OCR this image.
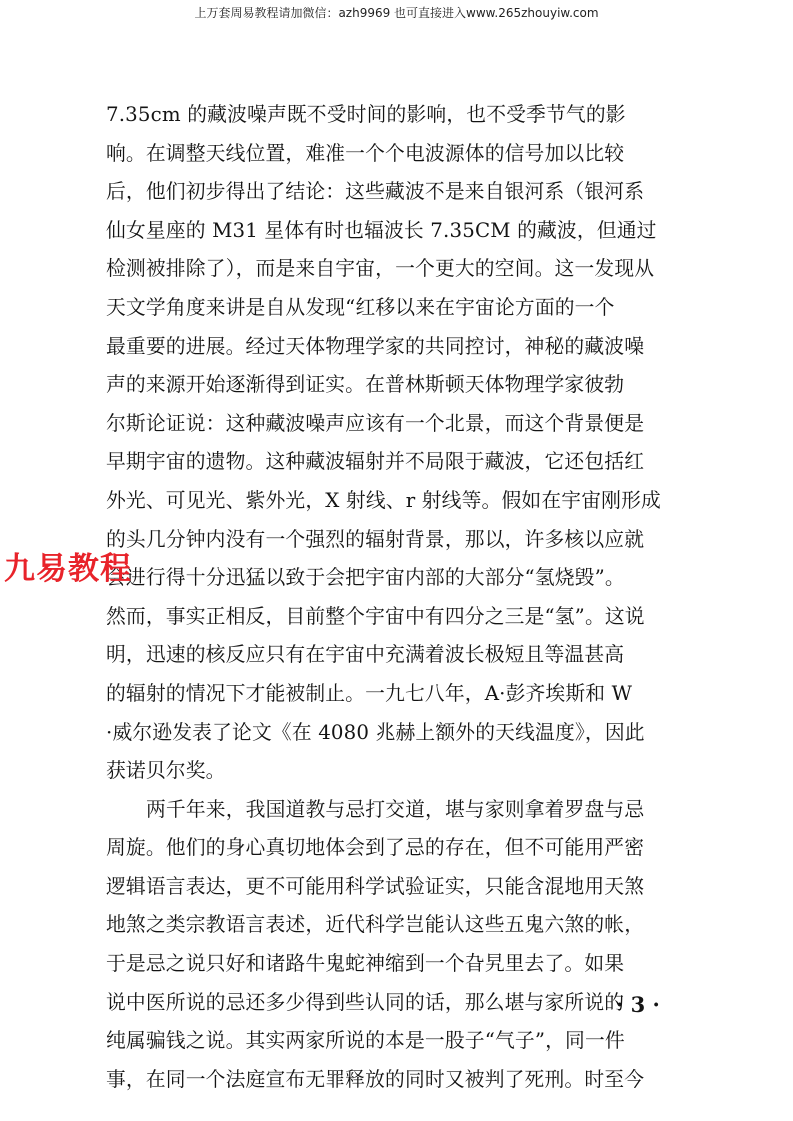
上万套周易教程请加微信：azh9969 也可直接进入www.265zhouyiw.com
7.35cm 的藏波噪声既不受时间的影响，也不受季节气的影
响。在调整天线位置，难准一个个电波源体的信号加以比较
后，他们初步得出了结论：这些藏波不是来自银河系（银河系
仙女星座的 M31 星体有时也辐波长 7.35CM 的藏波，但通过
检测被排除了），而是来自宇宙，一个更大的空间。这一发现从
天文学角度来讲是自从发现“红移以来在宇宙论方面的一个
最重要的进展。经过天体物理学家的共同控讨，神秘的藏波噪
声的来源开始逐渐得到证实。在普林斯顿天体物理学家彼勃
尔斯论证说：这种藏波噪声应该有一个北景，而这个背景便是
早期宇宙的遗物。这种藏波辐射并不局限于藏波，它还包括红
外光、可见光、紫外光，X 射线、r 射线等。假如在宇宙刚形成
的头几分钟内没有一个强烈的辐射背景，那以，许多核以应就
会进行得十分迅猛以致于会把宇宙内部的大部分“氢烧毁”。
然而，事实正相反，目前整个宇宙中有四分之三是“氢”。这说
明，迅速的核反应只有在宇宙中充满着波长极短且等温甚高
的辐射的情况下才能被制止。一九七八年，A·彭齐埃斯和 W
·威尔逊发表了论文《在 4080 兆赫上额外的天线温度》，因此
获诺贝尔奖。
两千年来，我国道教与忌打交道，堪与家则拿着罗盘与忌
周旋。他们的身心真切地体会到了忌的存在，但不可能用严密
逻辑语言表达，更不可能用科学试验证实，只能含混地用天煞
地煞之类宗教语言表述，近代科学岂能认这些五鬼六煞的帐，
于是忌之说只好和诸路牛鬼蛇神缩到一个旮旯里去了。如果
说中医所说的忌还多少得到些认同的话，那么堪与家所说的
纯属骗钱之说。其实两家所说的本是一股子“气子”，同一件
事，在同一个法庭宣布无罪释放的同时又被判了死刑。时至今
九易教程
· 3 ·
